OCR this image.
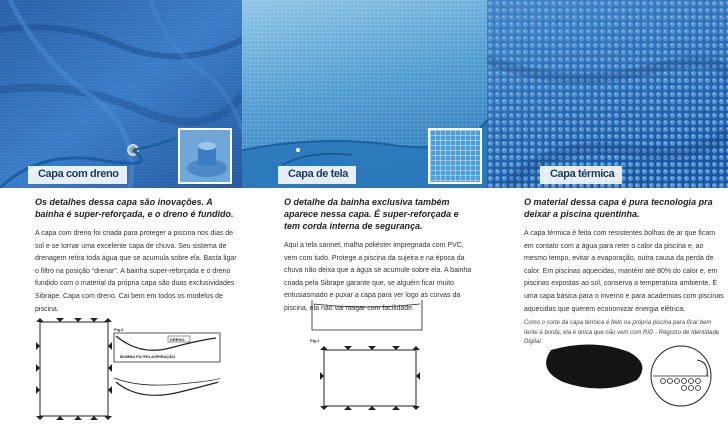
Capa com dreno
Os detalhes dessa capa são inovações. A bainha é super-reforçada, e o dreno é fundido.
A capa com dreno foi criada para proteger a piscina nos dias de sol e se tornar uma excelente capa de chuva. Seu sistema de drenagem retira toda água que se acumula sobre ela. Basta ligar o filtro na posição “drenar”. A bainha super-reforçada e o dreno fundido com o material da própria capa são duas exclusividades Sibrape. Capa com dreno. Cai bem em todos os modelos de piscina.
Fig.2
DRENO
BOMBA FILTRO ASPIRAÇÃO
Capa de tela
O detalhe da bainha exclusiva também aparece nessa capa. É super-reforçada e tem corda interna de segurança.
Aqui a tela sannet, malha poliéster impregnada com PVC, vem com tudo. Protege a piscina da sujeira e na época da chuva não deixa que a água se acumule sobre ela. A bainha criada pela Sibrape garante que, se alguém ficar muito entusiasmado e puxar a capa para ver logo as curvas da piscina, ela não vai rasgar com facilidade.
Fig.1
Capa térmica
O material dessa capa é pura tecnologia pra deixar a piscina quentinha.
A capa térmica é feita com resistentes bolhas de ar que ficam em contato com a água para reter o calor da piscina e, ao mesmo tempo, evitar a evaporação, outra causa da perda de calor. Em piscinas aquecidas, mantém até 80% do calor e, em piscinas expostas ao sol, conserva a temperatura ambiente. É uma capa básica para o inverno e para academias com piscinas aquecidas que querem economizar energia elétrica.
Como o corte da capa térmica é feito na própria piscina para ficar bem rente à borda, ela é única que não vem com RID - Registro de Identidade Digital.
